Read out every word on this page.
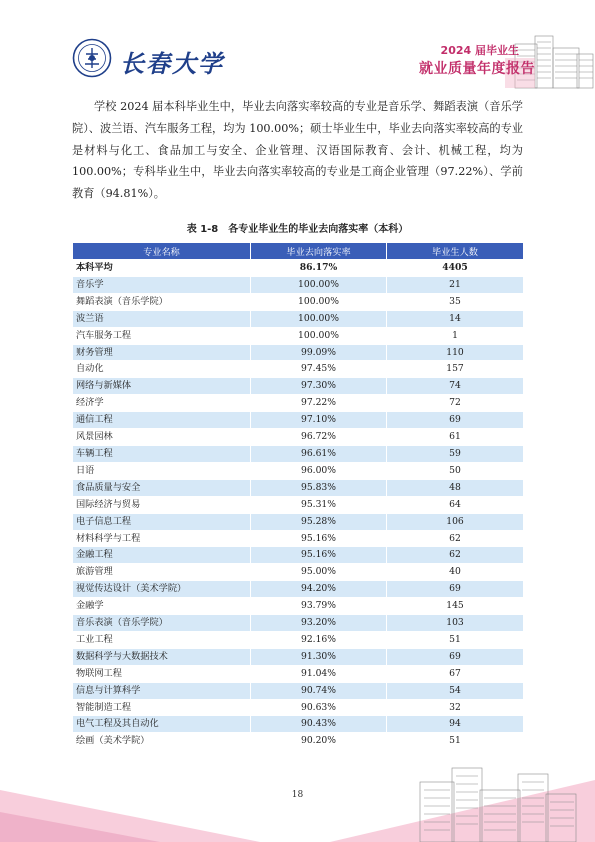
长春大学	2024 届毕业生
就业质量年度报告

学校 2024 届本科毕业生中，毕业去向落实率较高的专业是音乐学、舞蹈表演（音乐学院）、波兰语、汽车服务工程，均为 100.00%；硕士毕业生中，毕业去向落实率较高的专业是材料与化工、食品加工与安全、企业管理、汉语国际教育、会计、机械工程，均为 100.00%；专科毕业生中，毕业去向落实率较高的专业是工商企业管理（97.22%）、学前教育（94.81%）。

表 1-8　各专业毕业生的毕业去向落实率（本科）

专业名称	毕业去向落实率	毕业生人数
本科平均	86.17%	4405
音乐学	100.00%	21
舞蹈表演（音乐学院）	100.00%	35
波兰语	100.00%	14
汽车服务工程	100.00%	1
财务管理	99.09%	110
自动化	97.45%	157
网络与新媒体	97.30%	74
经济学	97.22%	72
通信工程	97.10%	69
风景园林	96.72%	61
车辆工程	96.61%	59
日语	96.00%	50
食品质量与安全	95.83%	48
国际经济与贸易	95.31%	64
电子信息工程	95.28%	106
材料科学与工程	95.16%	62
金融工程	95.16%	62
旅游管理	95.00%	40
视觉传达设计（美术学院）	94.20%	69
金融学	93.79%	145
音乐表演（音乐学院）	93.20%	103
工业工程	92.16%	51
数据科学与大数据技术	91.30%	69
物联网工程	91.04%	67
信息与计算科学	90.74%	54
智能制造工程	90.63%	32
电气工程及其自动化	90.43%	94
绘画（美术学院）	90.20%	51
18
